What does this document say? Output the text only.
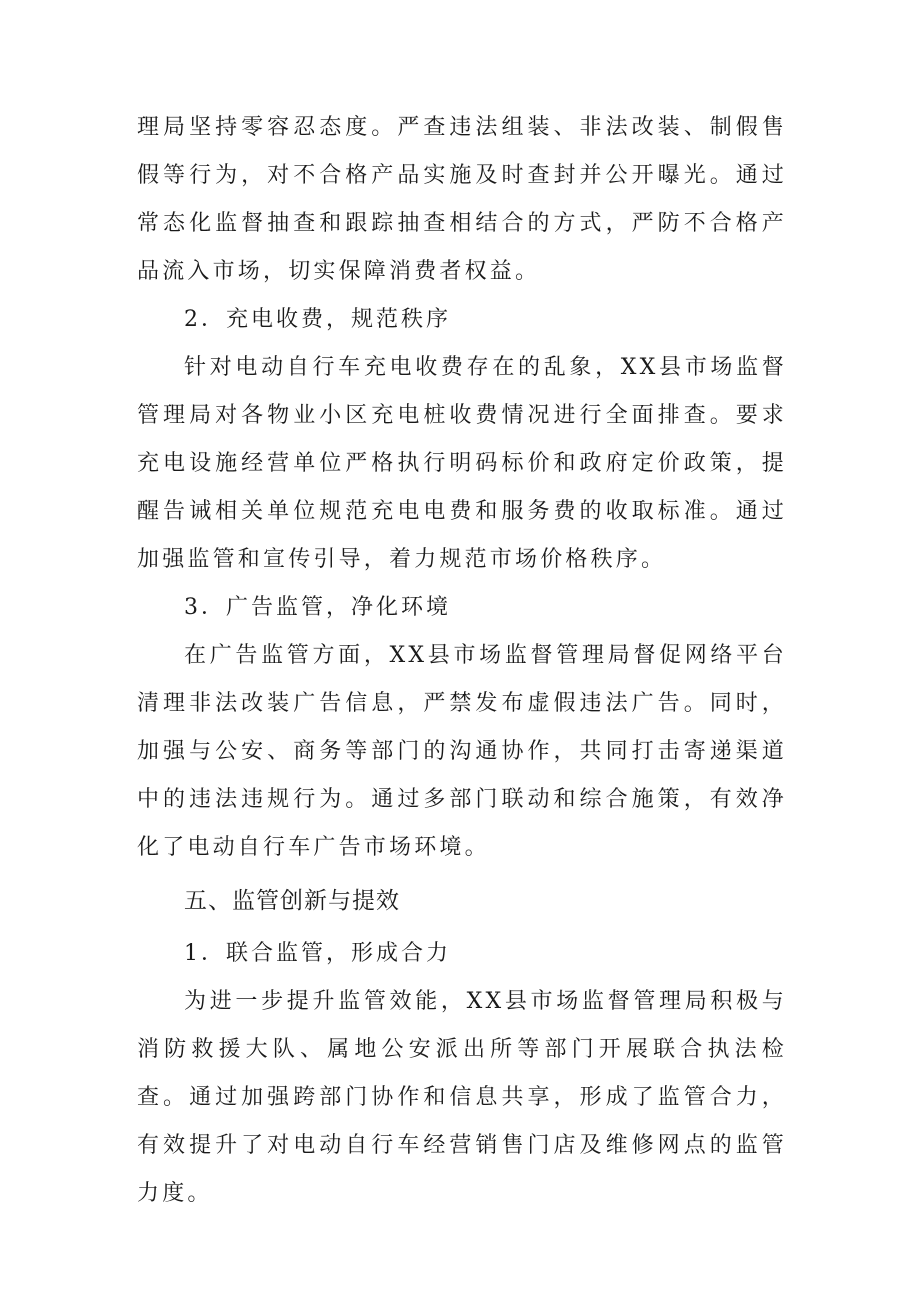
理局坚持零容忍态度。严查违法组装、非法改装、制假售假等行为，对不合格产品实施及时查封并公开曝光。通过常态化监督抽查和跟踪抽查相结合的方式，严防不合格产品流入市场，切实保障消费者权益。

2．充电收费，规范秩序

针对电动自行车充电收费存在的乱象，XX县市场监督管理局对各物业小区充电桩收费情况进行全面排查。要求充电设施经营单位严格执行明码标价和政府定价政策，提醒告诫相关单位规范充电电费和服务费的收取标准。通过加强监管和宣传引导，着力规范市场价格秩序。

3．广告监管，净化环境

在广告监管方面，XX县市场监督管理局督促网络平台清理非法改装广告信息，严禁发布虚假违法广告。同时，加强与公安、商务等部门的沟通协作，共同打击寄递渠道中的违法违规行为。通过多部门联动和综合施策，有效净化了电动自行车广告市场环境。

五、监管创新与提效

1．联合监管，形成合力

为进一步提升监管效能，XX县市场监督管理局积极与消防救援大队、属地公安派出所等部门开展联合执法检查。通过加强跨部门协作和信息共享，形成了监管合力，有效提升了对电动自行车经营销售门店及维修网点的监管力度。
